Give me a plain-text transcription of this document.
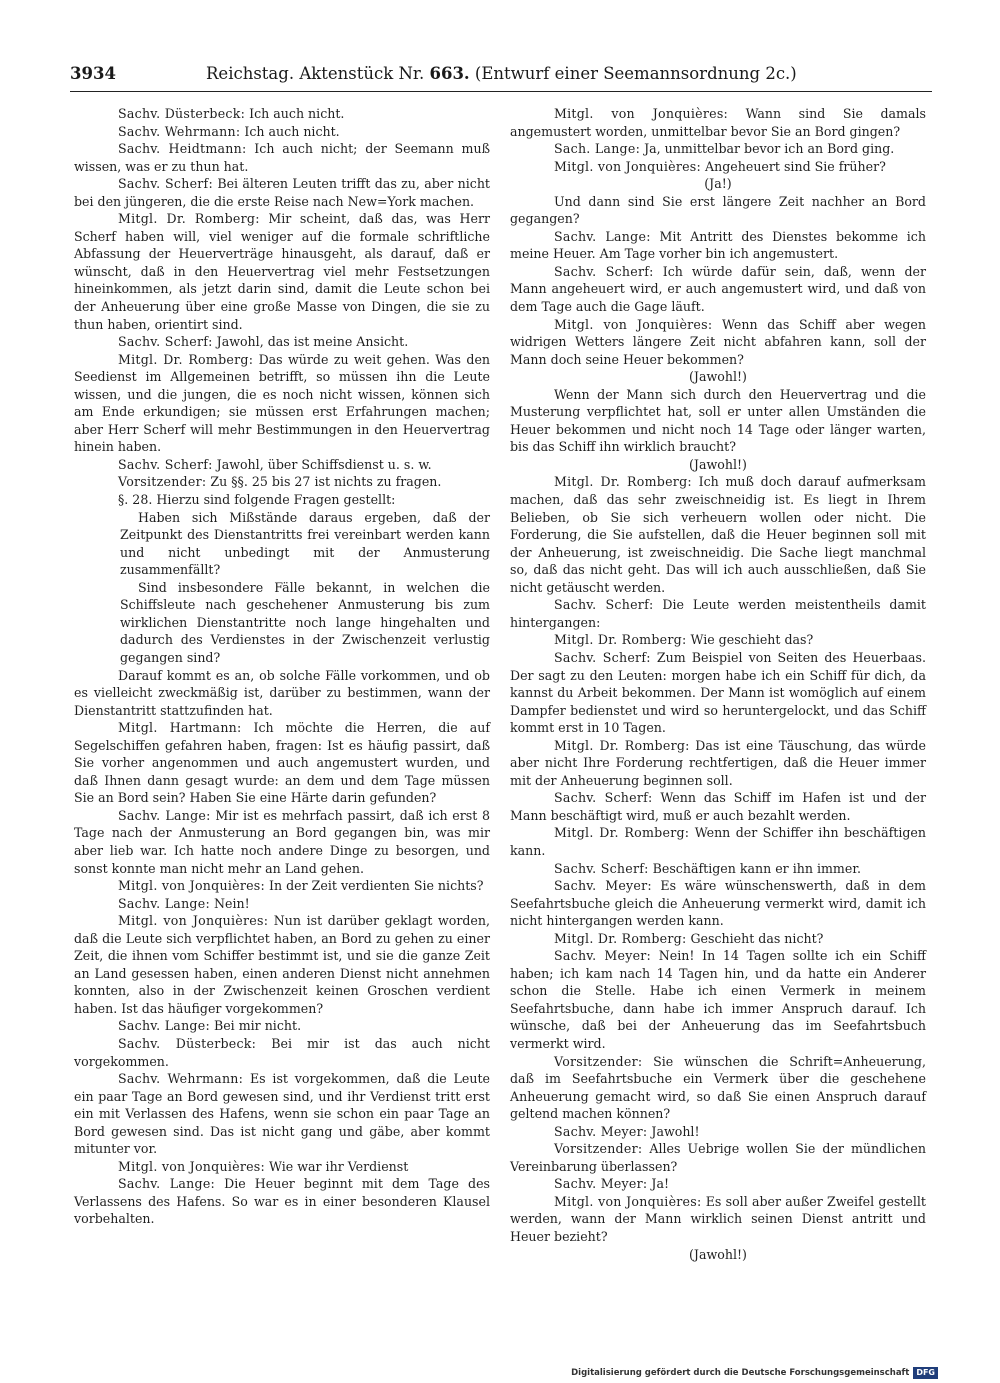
3934	Reichstag. Aktenstück Nr. 663. (Entwurf einer Seemannsordnung 2c.)

Sachv. Düsterbeck: Ich auch nicht.

Sachv. Wehrmann: Ich auch nicht.

Sachv. Heidtmann: Ich auch nicht; der Seemann muß wissen, was er zu thun hat.

Sachv. Scherf: Bei älteren Leuten trifft das zu, aber nicht bei den jüngeren, die die erste Reise nach New=York machen.

Mitgl. Dr. Romberg: Mir scheint, daß das, was Herr Scherf haben will, viel weniger auf die formale schriftliche Abfassung der Heuerverträge hinausgeht, als darauf, daß er wünscht, daß in den Heuervertrag viel mehr Festsetzungen hineinkommen, als jetzt darin sind, damit die Leute schon bei der Anheuerung über eine große Masse von Dingen, die sie zu thun haben, orientirt sind.

Sachv. Scherf: Jawohl, das ist meine Ansicht.

Mitgl. Dr. Romberg: Das würde zu weit gehen. Was den Seedienst im Allgemeinen betrifft, so müssen ihn die Leute wissen, und die jungen, die es noch nicht wissen, können sich am Ende erkundigen; sie müssen erst Erfahrungen machen; aber Herr Scherf will mehr Bestimmungen in den Heuervertrag hinein haben.

Sachv. Scherf: Jawohl, über Schiffsdienst u. s. w.

Vorsitzender: Zu §§. 25 bis 27 ist nichts zu fragen.

§. 28. Hierzu sind folgende Fragen gestellt:

Haben sich Mißstände daraus ergeben, daß der Zeitpunkt des Dienstantritts frei vereinbart werden kann und nicht unbedingt mit der Anmusterung zusammenfällt?

Sind insbesondere Fälle bekannt, in welchen die Schiffsleute nach geschehener Anmusterung bis zum wirklichen Dienstantritte noch lange hingehalten und dadurch des Verdienstes in der Zwischenzeit verlustig gegangen sind?

Darauf kommt es an, ob solche Fälle vorkommen, und ob es vielleicht zweckmäßig ist, darüber zu bestimmen, wann der Dienstantritt stattzufinden hat.

Mitgl. Hartmann: Ich möchte die Herren, die auf Segelschiffen gefahren haben, fragen: Ist es häufig passirt, daß Sie vorher angenommen und auch angemustert wurden, und daß Ihnen dann gesagt wurde: an dem und dem Tage müssen Sie an Bord sein? Haben Sie eine Härte darin gefunden?

Sachv. Lange: Mir ist es mehrfach passirt, daß ich erst 8 Tage nach der Anmusterung an Bord gegangen bin, was mir aber lieb war. Ich hatte noch andere Dinge zu besorgen, und sonst konnte man nicht mehr an Land gehen.

Mitgl. von Jonquières: In der Zeit verdienten Sie nichts?

Sachv. Lange: Nein!

Mitgl. von Jonquières: Nun ist darüber geklagt worden, daß die Leute sich verpflichtet haben, an Bord zu gehen zu einer Zeit, die ihnen vom Schiffer bestimmt ist, und sie die ganze Zeit an Land gesessen haben, einen anderen Dienst nicht annehmen konnten, also in der Zwischenzeit keinen Groschen verdient haben. Ist das häufiger vorgekommen?

Sachv. Lange: Bei mir nicht.

Sachv. Düsterbeck: Bei mir ist das auch nicht vorgekommen.

Sachv. Wehrmann: Es ist vorgekommen, daß die Leute ein paar Tage an Bord gewesen sind, und ihr Verdienst tritt erst ein mit Verlassen des Hafens, wenn sie schon ein paar Tage an Bord gewesen sind. Das ist nicht gang und gäbe, aber kommt mitunter vor.

Mitgl. von Jonquières: Wie war ihr Verdienst

Sachv. Lange: Die Heuer beginnt mit dem Tage des Verlassens des Hafens. So war es in einer besonderen Klausel vorbehalten.

Mitgl. von Jonquières: Wann sind Sie damals angemustert worden, unmittelbar bevor Sie an Bord gingen?

Sach. Lange: Ja, unmittelbar bevor ich an Bord ging.

Mitgl. von Jonquières: Angeheuert sind Sie früher?

(Ja!)

Und dann sind Sie erst längere Zeit nachher an Bord gegangen?

Sachv. Lange: Mit Antritt des Dienstes bekomme ich meine Heuer. Am Tage vorher bin ich angemustert.

Sachv. Scherf: Ich würde dafür sein, daß, wenn der Mann angeheuert wird, er auch angemustert wird, und daß von dem Tage auch die Gage läuft.

Mitgl. von Jonquières: Wenn das Schiff aber wegen widrigen Wetters längere Zeit nicht abfahren kann, soll der Mann doch seine Heuer bekommen?

(Jawohl!)

Wenn der Mann sich durch den Heuervertrag und die Musterung verpflichtet hat, soll er unter allen Umständen die Heuer bekommen und nicht noch 14 Tage oder länger warten, bis das Schiff ihn wirklich braucht?

(Jawohl!)

Mitgl. Dr. Romberg: Ich muß doch darauf aufmerksam machen, daß das sehr zweischneidig ist. Es liegt in Ihrem Belieben, ob Sie sich verheuern wollen oder nicht. Die Forderung, die Sie aufstellen, daß die Heuer beginnen soll mit der Anheuerung, ist zweischneidig. Die Sache liegt manchmal so, daß das nicht geht. Das will ich auch ausschließen, daß Sie nicht getäuscht werden.

Sachv. Scherf: Die Leute werden meistentheils damit hintergangen:

Mitgl. Dr. Romberg: Wie geschieht das?

Sachv. Scherf: Zum Beispiel von Seiten des Heuerbaas. Der sagt zu den Leuten: morgen habe ich ein Schiff für dich, da kannst du Arbeit bekommen. Der Mann ist womöglich auf einem Dampfer bedienstet und wird so heruntergelockt, und das Schiff kommt erst in 10 Tagen.

Mitgl. Dr. Romberg: Das ist eine Täuschung, das würde aber nicht Ihre Forderung rechtfertigen, daß die Heuer immer mit der Anheuerung beginnen soll.

Sachv. Scherf: Wenn das Schiff im Hafen ist und der Mann beschäftigt wird, muß er auch bezahlt werden.

Mitgl. Dr. Romberg: Wenn der Schiffer ihn beschäftigen kann.

Sachv. Scherf: Beschäftigen kann er ihn immer.

Sachv. Meyer: Es wäre wünschenswerth, daß in dem Seefahrtsbuche gleich die Anheuerung vermerkt wird, damit ich nicht hintergangen werden kann.

Mitgl. Dr. Romberg: Geschieht das nicht?

Sachv. Meyer: Nein! In 14 Tagen sollte ich ein Schiff haben; ich kam nach 14 Tagen hin, und da hatte ein Anderer schon die Stelle. Habe ich einen Vermerk in meinem Seefahrtsbuche, dann habe ich immer Anspruch darauf. Ich wünsche, daß bei der Anheuerung das im Seefahrtsbuch vermerkt wird.

Vorsitzender: Sie wünschen die Schrift=Anheuerung, daß im Seefahrtsbuche ein Vermerk über die geschehene Anheuerung gemacht wird, so daß Sie einen Anspruch darauf geltend machen können?

Sachv. Meyer: Jawohl!

Vorsitzender: Alles Uebrige wollen Sie der mündlichen Vereinbarung überlassen?

Sachv. Meyer: Ja!

Mitgl. von Jonquières: Es soll aber außer Zweifel gestellt werden, wann der Mann wirklich seinen Dienst antritt und Heuer bezieht?

(Jawohl!)

Digitalisierung gefördert durch die Deutsche Forschungsgemeinschaft DFG
